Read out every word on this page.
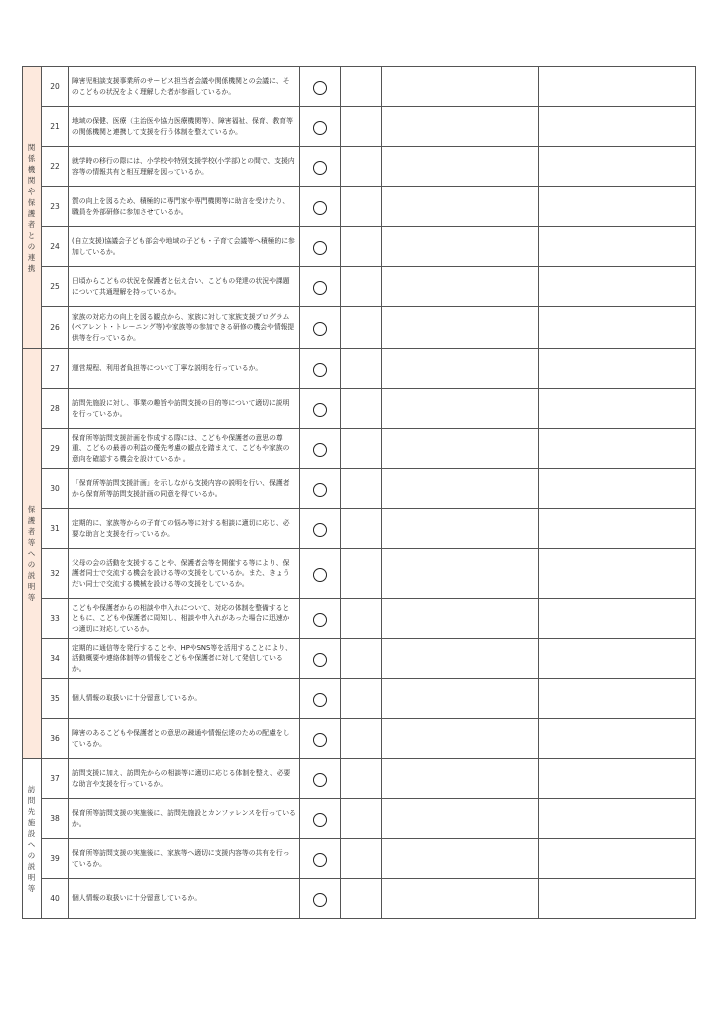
関係機関や保護者との連携	20	障害児相談支援事業所のサービス担当者会議や関係機関との会議に、そのこどもの状況をよく理解した者が参画しているか。				
	21	地域の保健、医療（主治医や協力医療機関等）、障害福祉、保育、教育等の関係機関と連携して支援を行う体制を整えているか。				
	22	就学時の移行の際には、小学校や特別支援学校(小学部)との間で、支援内容等の情報共有と相互理解を図っているか。				
	23	質の向上を図るため、積極的に専門家や専門機関等に助言を受けたり、職員を外部研修に参加させているか。				
	24	(自立支援)協議会子ども部会や地域の子ども・子育て会議等へ積極的に参加しているか。				
	25	日頃からこどもの状況を保護者と伝え合い、こどもの発達の状況や課題について共通理解を持っているか。				
	26	家族の対応力の向上を図る観点から、家族に対して家族支援プログラム(ペアレント・トレーニング等)や家族等の参加できる研修の機会や情報提供等を行っているか。				
保護者等への説明等	27	運営規程、利用者負担等について丁寧な説明を行っているか。				
	28	訪問先施設に対し、事業の趣旨や訪問支援の目的等について適切に説明を行っているか。				
	29	保育所等訪問支援計画を作成する際には、こどもや保護者の意思の尊重、こどもの最善の利益の優先考慮の観点を踏まえて、こどもや家族の意向を確認する機会を設けているか 。				
	30	「保育所等訪問支援計画」を示しながら支援内容の説明を行い、保護者から保育所等訪問支援計画の同意を得ているか。				
	31	定期的に、家族等からの子育ての悩み等に対する相談に適切に応じ、必要な助言と支援を行っているか。				
	32	父母の会の活動を支援することや、保護者会等を開催する等により、保護者同士で交流する機会を設ける等の支援をしているか。また、きょうだい同士で交流する機械を設ける等の支援をしているか。				
	33	こどもや保護者からの相談や申入れについて、対応の体制を整備するとともに、こどもや保護者に周知し、相談や申入れがあった場合に迅速かつ適切に対応しているか。				
	34	定期的に通信等を発行することや、HPやSNS等を活用することにより、活動概要や連絡体制等の情報をこどもや保護者に対して発信しているか。				
	35	個人情報の取扱いに十分留意しているか。				
	36	障害のあるこどもや保護者との意思の疎通や情報伝達のための配慮をしているか。				
訪問先施設への説明等	37	訪問支援に加え、訪問先からの相談等に適切に応じる体制を整え、必要な助言や支援を行っているか。				
	38	保育所等訪問支援の実施後に、訪問先施設とカンファレンスを行っているか。				
	39	保育所等訪問支援の実施後に、家族等へ適切に支援内容等の共有を行っているか。				
	40	個人情報の取扱いに十分留意しているか。				
